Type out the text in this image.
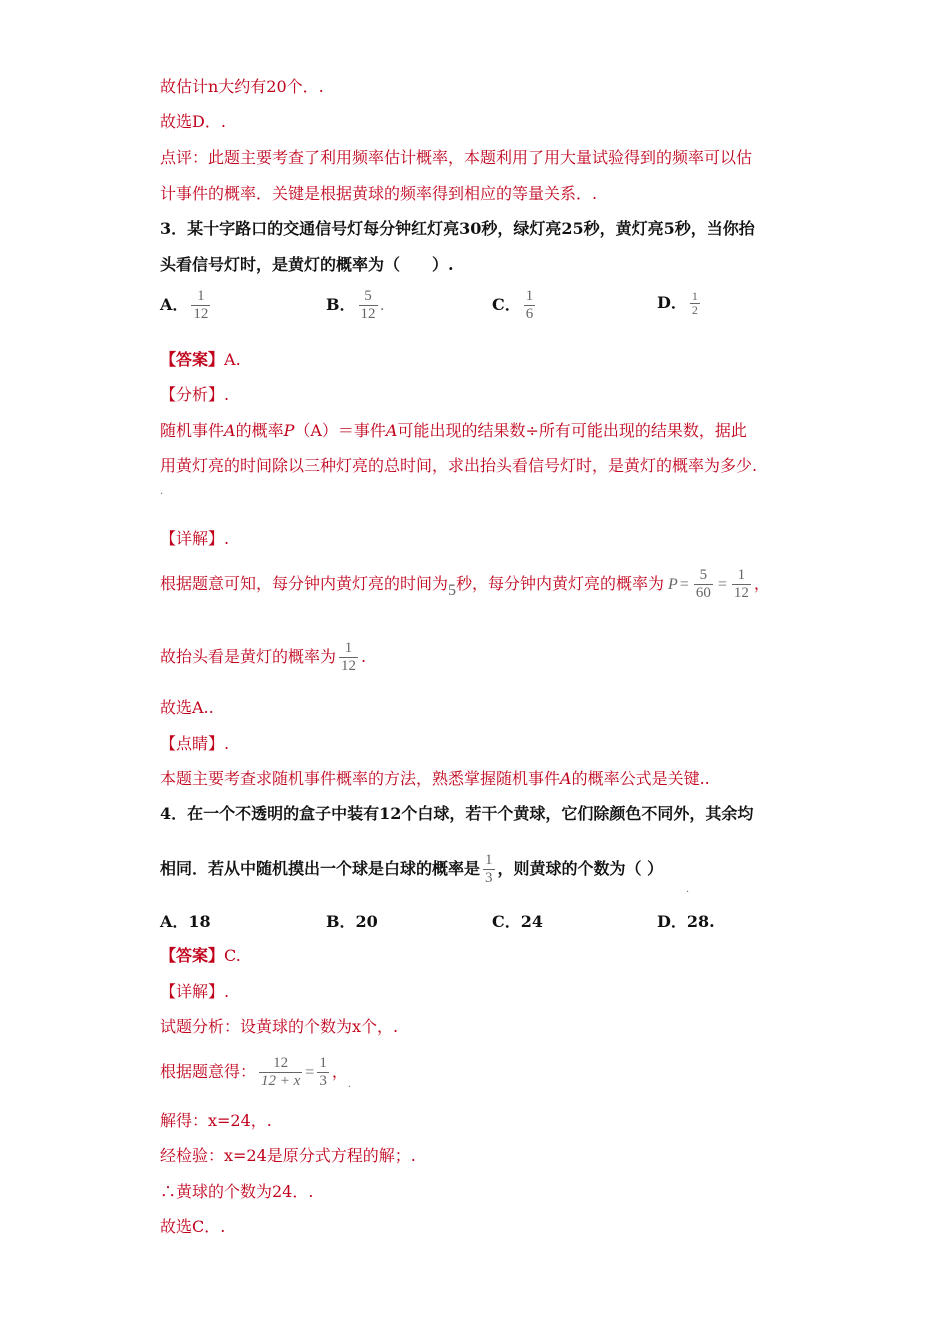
故估计n大约有20个．.
故选D．.
点评：此题主要考查了利用频率估计概率，本题利用了用大量试验得到的频率可以估
计事件的概率．关键是根据黄球的频率得到相应的等量关系．.
3．某十字路口的交通信号灯每分钟红灯亮30秒，绿灯亮25秒，黄灯亮5秒，当你抬
头看信号灯时，是黄灯的概率为（　　）.
A． $\frac{1}{12}$	B． $\frac{5}{12}$ .	C． $\frac{1}{6}$	D． $\frac{1}{2}$
【答案】A.
【分析】.
随机事件A的概率P（A）＝事件A可能出现的结果数÷所有可能出现的结果数，据此
用黄灯亮的时间除以三种灯亮的总时间，求出抬头看信号灯时，是黄灯的概率为多少.
.
【详解】.
根据题意可知，每分钟内黄灯亮的时间为5秒，每分钟内黄灯亮的概率为 $P = \frac{5}{60} = \frac{1}{12}$ ，
故抬头看是黄灯的概率为 $\frac{1}{12}$ .
故选A..
【点睛】.
本题主要考查求随机事件概率的方法，熟悉掌握随机事件A的概率公式是关键..
4．在一个不透明的盒子中装有12个白球，若干个黄球，它们除颜色不同外，其余均
相同．若从中随机摸出一个球是白球的概率是 $\frac{1}{3}$ ，则黄球的个数为（ ）
.
A．18	B．20	C．24	D．28.
【答案】C.
【详解】.
试题分析：设黄球的个数为x个，.
根据题意得： $\frac{12}{12 + x} = \frac{1}{3}$ ，$_.$
解得：x=24，.
经检验：x=24是原分式方程的解；.
∴黄球的个数为24．.
故选C．.
